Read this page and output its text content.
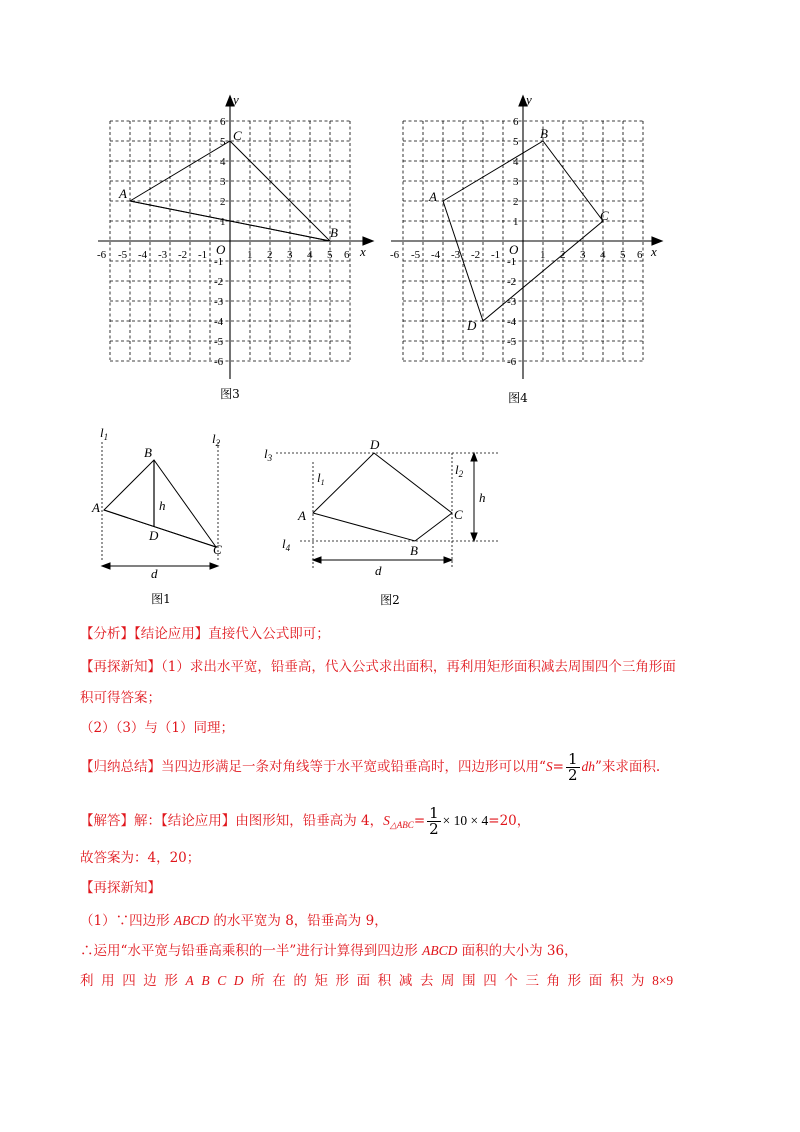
-6 -5 -4 -3 -2 -1	1 2 3 4 5 6
6
5
4
3
2
1
-1
-2
-3
-4
-5
-6
x
y
O
A
C
B
图3
-6 -5 -4 -3 -2 -1	1 2 3 4 5 6
6
5
4
3
2
1
-1
-2
-3
-4
-5
-6
x
y
O
A
B
C
D
图4
$l_1$	$l_2$
A
B
C
D
h
d
图1
$l_3$
$l_4$
$l_1$
$l_2$
A
B
C
D
h
d
图2
【分析】【结论应用】直接代入公式即可；
【再探新知】（1）求出水平宽，铅垂高，代入公式求出面积，再利用矩形面积减去周围四个三角形面
积可得答案；
（2）（3）与（1）同理；
【归纳总结】当四边形满足一条对角线等于水平宽或铅垂高时，四边形可以用“$S= \frac{1}{2}$ dh”来求面积.
【解答】解：【结论应用】由图形知，铅垂高为 4，$S_{\triangle ABC}= \frac{1}{2} \times 10 \times 4=20$，
故答案为：4，20；
【再探新知】
（1）∵四边形 ABCD 的水平宽为 8，铅垂高为 9，
∴运用“水平宽与铅垂高乘积的一半”进行计算得到四边形 ABCD 面积的大小为 36，
利用四边形ABCD所在的矩形面积减去周围四个三角形面积为8×9
